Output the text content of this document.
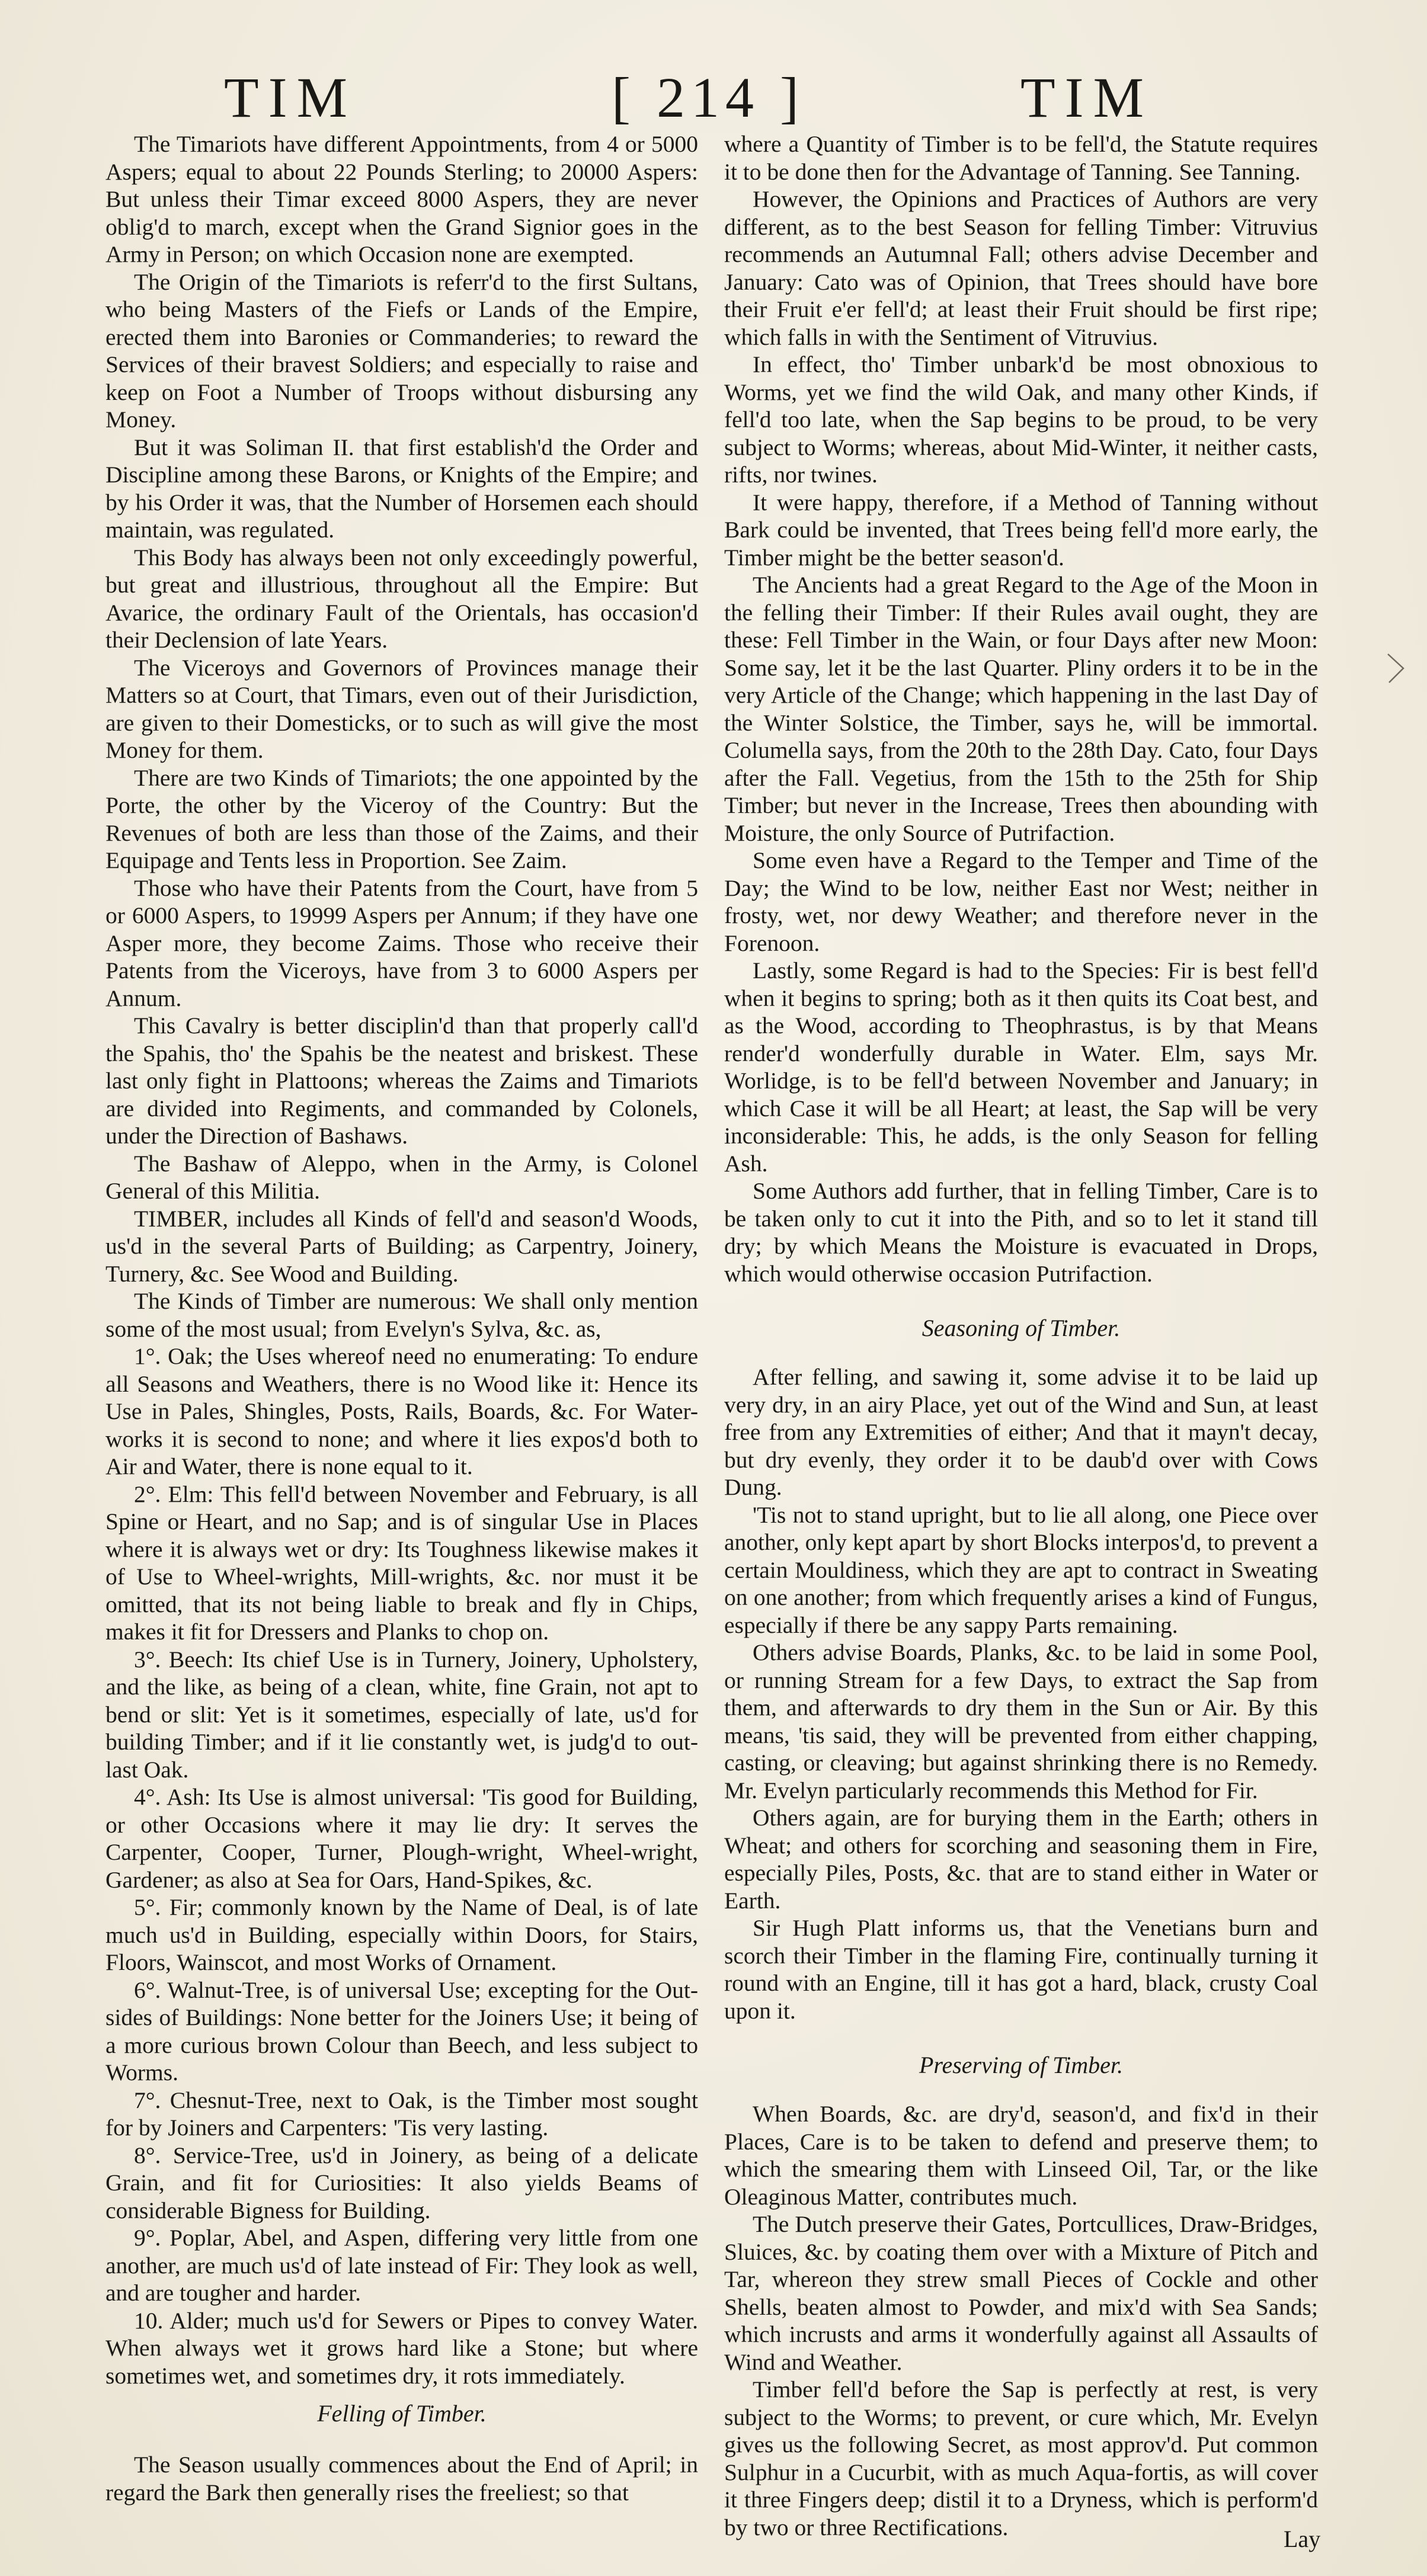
TIM	[ 214 ]	TIM

The Timariots have different Appointments, from 4 or 5000 Aspers; equal to about 22 Pounds Sterling; to 20000 Aspers: But unless their Timar exceed 8000 Aspers, they are never oblig'd to march, except when the Grand Signior goes in the Army in Person; on which Occasion none are exempted.

The Origin of the Timariots is referr'd to the first Sultans, who being Masters of the Fiefs or Lands of the Empire, erected them into Baronies or Commanderies; to reward the Services of their bravest Soldiers; and especially to raise and keep on Foot a Number of Troops without disbursing any Money.

But it was Soliman II. that first establish'd the Order and Discipline among these Barons, or Knights of the Empire; and by his Order it was, that the Number of Horsemen each should maintain, was regulated.

This Body has always been not only exceedingly powerful, but great and illustrious, throughout all the Empire: But Avarice, the ordinary Fault of the Orientals, has occasion'd their Declension of late Years.

The Viceroys and Governors of Provinces manage their Matters so at Court, that Timars, even out of their Jurisdiction, are given to their Domesticks, or to such as will give the most Money for them.

There are two Kinds of Timariots; the one appointed by the Porte, the other by the Viceroy of the Country: But the Revenues of both are less than those of the Zaims, and their Equipage and Tents less in Proportion. See Zaim.

Those who have their Patents from the Court, have from 5 or 6000 Aspers, to 19999 Aspers per Annum; if they have one Asper more, they become Zaims. Those who receive their Patents from the Viceroys, have from 3 to 6000 Aspers per Annum.

This Cavalry is better disciplin'd than that properly call'd the Spahis, tho' the Spahis be the neatest and briskest. These last only fight in Plattoons; whereas the Zaims and Timariots are divided into Regiments, and commanded by Colonels, under the Direction of Bashaws.

The Bashaw of Aleppo, when in the Army, is Colonel General of this Militia.

TIMBER, includes all Kinds of fell'd and season'd Woods, us'd in the several Parts of Building; as Carpentry, Joinery, Turnery, &c. See Wood and Building.

The Kinds of Timber are numerous: We shall only mention some of the most usual; from Evelyn's Sylva, &c. as,

1°. Oak; the Uses whereof need no enumerating: To endure all Seasons and Weathers, there is no Wood like it: Hence its Use in Pales, Shingles, Posts, Rails, Boards, &c. For Water-works it is second to none; and where it lies expos'd both to Air and Water, there is none equal to it.

2°. Elm: This fell'd between November and February, is all Spine or Heart, and no Sap; and is of singular Use in Places where it is always wet or dry: Its Toughness likewise makes it of Use to Wheel-wrights, Mill-wrights, &c. nor must it be omitted, that its not being liable to break and fly in Chips, makes it fit for Dressers and Planks to chop on.

3°. Beech: Its chief Use is in Turnery, Joinery, Upholstery, and the like, as being of a clean, white, fine Grain, not apt to bend or slit: Yet is it sometimes, especially of late, us'd for building Timber; and if it lie constantly wet, is judg'd to out-last Oak.

4°. Ash: Its Use is almost universal: 'Tis good for Building, or other Occasions where it may lie dry: It serves the Carpenter, Cooper, Turner, Plough-wright, Wheel-wright, Gardener; as also at Sea for Oars, Hand-Spikes, &c.

5°. Fir; commonly known by the Name of Deal, is of late much us'd in Building, especially within Doors, for Stairs, Floors, Wainscot, and most Works of Ornament.

6°. Walnut-Tree, is of universal Use; excepting for the Out-sides of Buildings: None better for the Joiners Use; it being of a more curious brown Colour than Beech, and less subject to Worms.

7°. Chesnut-Tree, next to Oak, is the Timber most sought for by Joiners and Carpenters: 'Tis very lasting.

8°. Service-Tree, us'd in Joinery, as being of a delicate Grain, and fit for Curiosities: It also yields Beams of considerable Bigness for Building.

9°. Poplar, Abel, and Aspen, differing very little from one another, are much us'd of late instead of Fir: They look as well, and are tougher and harder.

10. Alder; much us'd for Sewers or Pipes to convey Water. When always wet it grows hard like a Stone; but where sometimes wet, and sometimes dry, it rots immediately.

Felling of Timber.

The Season usually commences about the End of April; in regard the Bark then generally rises the freeliest; so that

where a Quantity of Timber is to be fell'd, the Statute requires it to be done then for the Advantage of Tanning. See Tanning.

However, the Opinions and Practices of Authors are very different, as to the best Season for felling Timber: Vitruvius recommends an Autumnal Fall; others advise December and January: Cato was of Opinion, that Trees should have bore their Fruit e'er fell'd; at least their Fruit should be first ripe; which falls in with the Sentiment of Vitruvius.

In effect, tho' Timber unbark'd be most obnoxious to Worms, yet we find the wild Oak, and many other Kinds, if fell'd too late, when the Sap begins to be proud, to be very subject to Worms; whereas, about Mid-Winter, it neither casts, rifts, nor twines.

It were happy, therefore, if a Method of Tanning without Bark could be invented, that Trees being fell'd more early, the Timber might be the better season'd.

The Ancients had a great Regard to the Age of the Moon in the felling their Timber: If their Rules avail ought, they are these: Fell Timber in the Wain, or four Days after new Moon: Some say, let it be the last Quarter. Pliny orders it to be in the very Article of the Change; which happening in the last Day of the Winter Solstice, the Timber, says he, will be immortal. Columella says, from the 20th to the 28th Day. Cato, four Days after the Fall. Vegetius, from the 15th to the 25th for Ship Timber; but never in the Increase, Trees then abounding with Moisture, the only Source of Putrifaction.

Some even have a Regard to the Temper and Time of the Day; the Wind to be low, neither East nor West; neither in frosty, wet, nor dewy Weather; and therefore never in the Forenoon.

Lastly, some Regard is had to the Species: Fir is best fell'd when it begins to spring; both as it then quits its Coat best, and as the Wood, according to Theophrastus, is by that Means render'd wonderfully durable in Water. Elm, says Mr. Worlidge, is to be fell'd between November and January; in which Case it will be all Heart; at least, the Sap will be very inconsiderable: This, he adds, is the only Season for felling Ash.

Some Authors add further, that in felling Timber, Care is to be taken only to cut it into the Pith, and so to let it stand till dry; by which Means the Moisture is evacuated in Drops, which would otherwise occasion Putrifaction.

Seasoning of Timber.

After felling, and sawing it, some advise it to be laid up very dry, in an airy Place, yet out of the Wind and Sun, at least free from any Extremities of either; And that it mayn't decay, but dry evenly, they order it to be daub'd over with Cows Dung.

'Tis not to stand upright, but to lie all along, one Piece over another, only kept apart by short Blocks interpos'd, to prevent a certain Mouldiness, which they are apt to contract in Sweating on one another; from which frequently arises a kind of Fungus, especially if there be any sappy Parts remaining.

Others advise Boards, Planks, &c. to be laid in some Pool, or running Stream for a few Days, to extract the Sap from them, and afterwards to dry them in the Sun or Air. By this means, 'tis said, they will be prevented from either chapping, casting, or cleaving; but against shrinking there is no Remedy. Mr. Evelyn particularly recommends this Method for Fir.

Others again, are for burying them in the Earth; others in Wheat; and others for scorching and seasoning them in Fire, especially Piles, Posts, &c. that are to stand either in Water or Earth.

Sir Hugh Platt informs us, that the Venetians burn and scorch their Timber in the flaming Fire, continually turning it round with an Engine, till it has got a hard, black, crusty Coal upon it.

Preserving of Timber.

When Boards, &c. are dry'd, season'd, and fix'd in their Places, Care is to be taken to defend and preserve them; to which the smearing them with Linseed Oil, Tar, or the like Oleaginous Matter, contributes much.

The Dutch preserve their Gates, Portcullices, Draw-Bridges, Sluices, &c. by coating them over with a Mixture of Pitch and Tar, whereon they strew small Pieces of Cockle and other Shells, beaten almost to Powder, and mix'd with Sea Sands; which incrusts and arms it wonderfully against all Assaults of Wind and Weather.

Timber fell'd before the Sap is perfectly at rest, is very subject to the Worms; to prevent, or cure which, Mr. Evelyn gives us the following Secret, as most approv'd. Put common Sulphur in a Cucurbit, with as much Aqua-fortis, as will cover it three Fingers deep; distil it to a Dryness, which is perform'd by two or three Rectifications.	Lay
